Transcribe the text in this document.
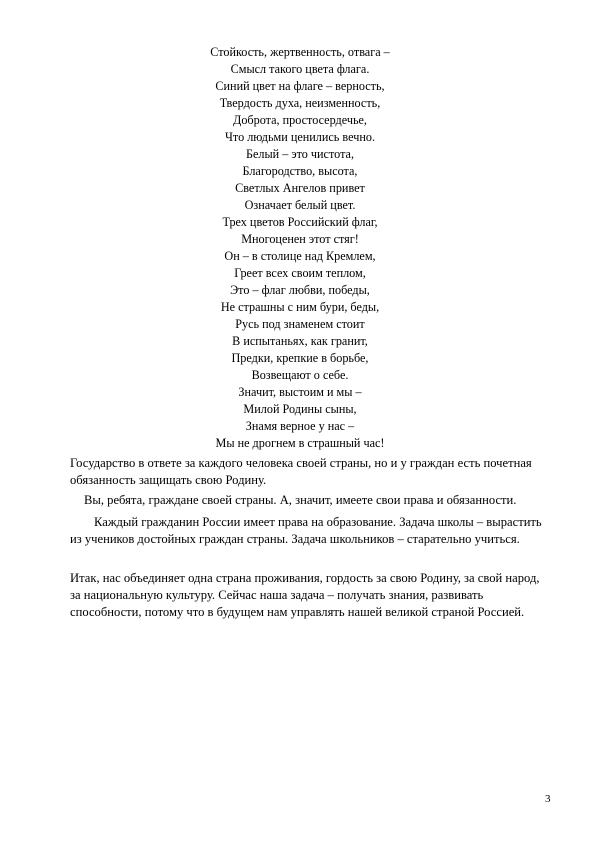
Стойкость, жертвенность, отвага –
Смысл такого цвета флага.
Синий цвет на флаге – верность,
Твердость духа, неизменность,
Доброта, простосердечье,
Что людьми ценились вечно.
Белый – это чистота,
Благородство, высота,
Светлых Ангелов привет
Означает белый цвет.
Трех цветов Российский флаг,
Многоценен этот стяг!
Он – в столице над Кремлем,
Греет всех своим теплом,
Это – флаг любви, победы,
Не страшны с ним бури, беды,
Русь под знаменем стоит
В испытаньях, как гранит,
Предки, крепкие в борьбе,
Возвещают о себе.
Значит, выстоим и мы –
Милой Родины сыны,
Знамя верное у нас –
Мы не дрогнем в страшный час!

Государство в ответе за каждого человека своей страны, но и у граждан есть почетная обязанность защищать свою Родину.

Вы, ребята, граждане своей страны. А, значит, имеете свои права и обязанности.

Каждый гражданин России имеет права на образование. Задача школы – вырастить из учеников достойных граждан страны. Задача школьников – старательно учиться.

Итак, нас объединяет одна страна проживания, гордость за свою Родину, за свой народ, за национальную культуру. Сейчас наша задача – получать знания, развивать способности, потому что в будущем нам управлять нашей великой страной Россией.

3
